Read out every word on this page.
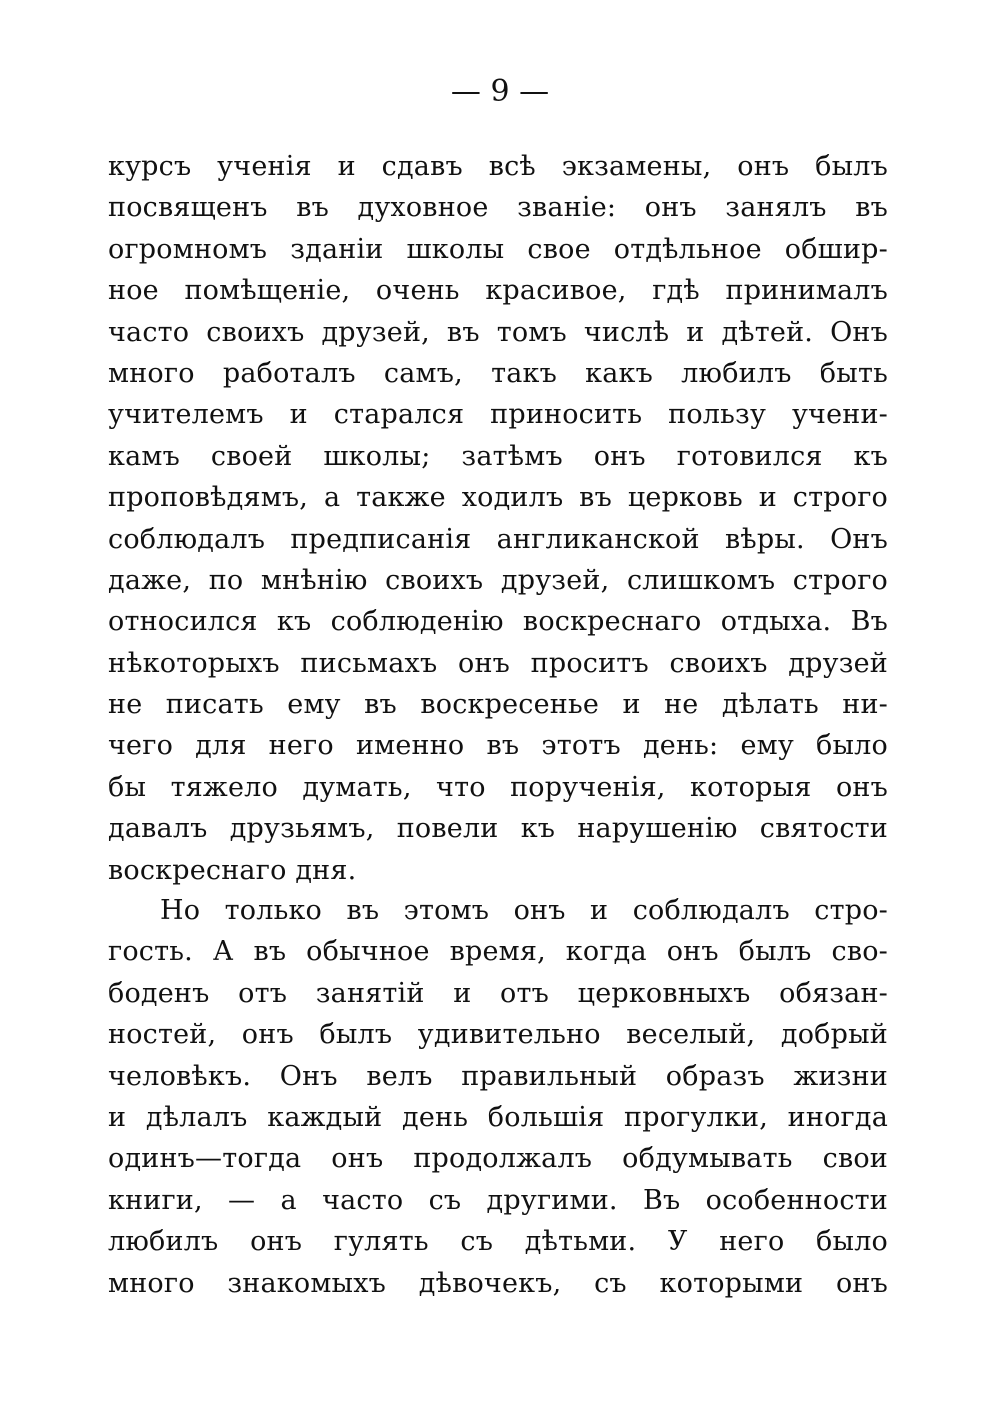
— 9 —
курсъ ученія и сдавъ всѣ экзамены, онъ былъ
посвященъ въ духовное званіе: онъ занялъ въ
огромномъ зданіи школы свое отдѣльное обшир-
ное помѣщеніе, очень красивое, гдѣ принималъ
часто своихъ друзей, въ томъ числѣ и дѣтей. Онъ
много работалъ самъ, такъ какъ любилъ быть
учителемъ и старался приносить пользу учени-
камъ своей школы; затѣмъ онъ готовился къ
проповѣдямъ, а также ходилъ въ церковь и строго
соблюдалъ предписанія англиканской вѣры. Онъ
даже, по мнѣнію своихъ друзей, слишкомъ строго
относился къ соблюденію воскреснаго отдыха. Въ
нѣкоторыхъ письмахъ онъ проситъ своихъ друзей
не писать ему въ воскресенье и не дѣлать ни-
чего для него именно въ этотъ день: ему было
бы тяжело думать, что порученія, которыя онъ
давалъ друзьямъ, повели къ нарушенію святости
воскреснаго дня.
Но только въ этомъ онъ и соблюдалъ стро-
гость. А въ обычное время, когда онъ былъ сво-
боденъ отъ занятій и отъ церковныхъ обязан-
ностей, онъ былъ удивительно веселый, добрый
человѣкъ. Онъ велъ правильный образъ жизни
и дѣлалъ каждый день большія прогулки, иногда
одинъ—тогда онъ продолжалъ обдумывать свои
книги, — а часто съ другими. Въ особенности
любилъ онъ гулять съ дѣтьми. У него было
много знакомыхъ дѣвочекъ, съ которыми онъ
